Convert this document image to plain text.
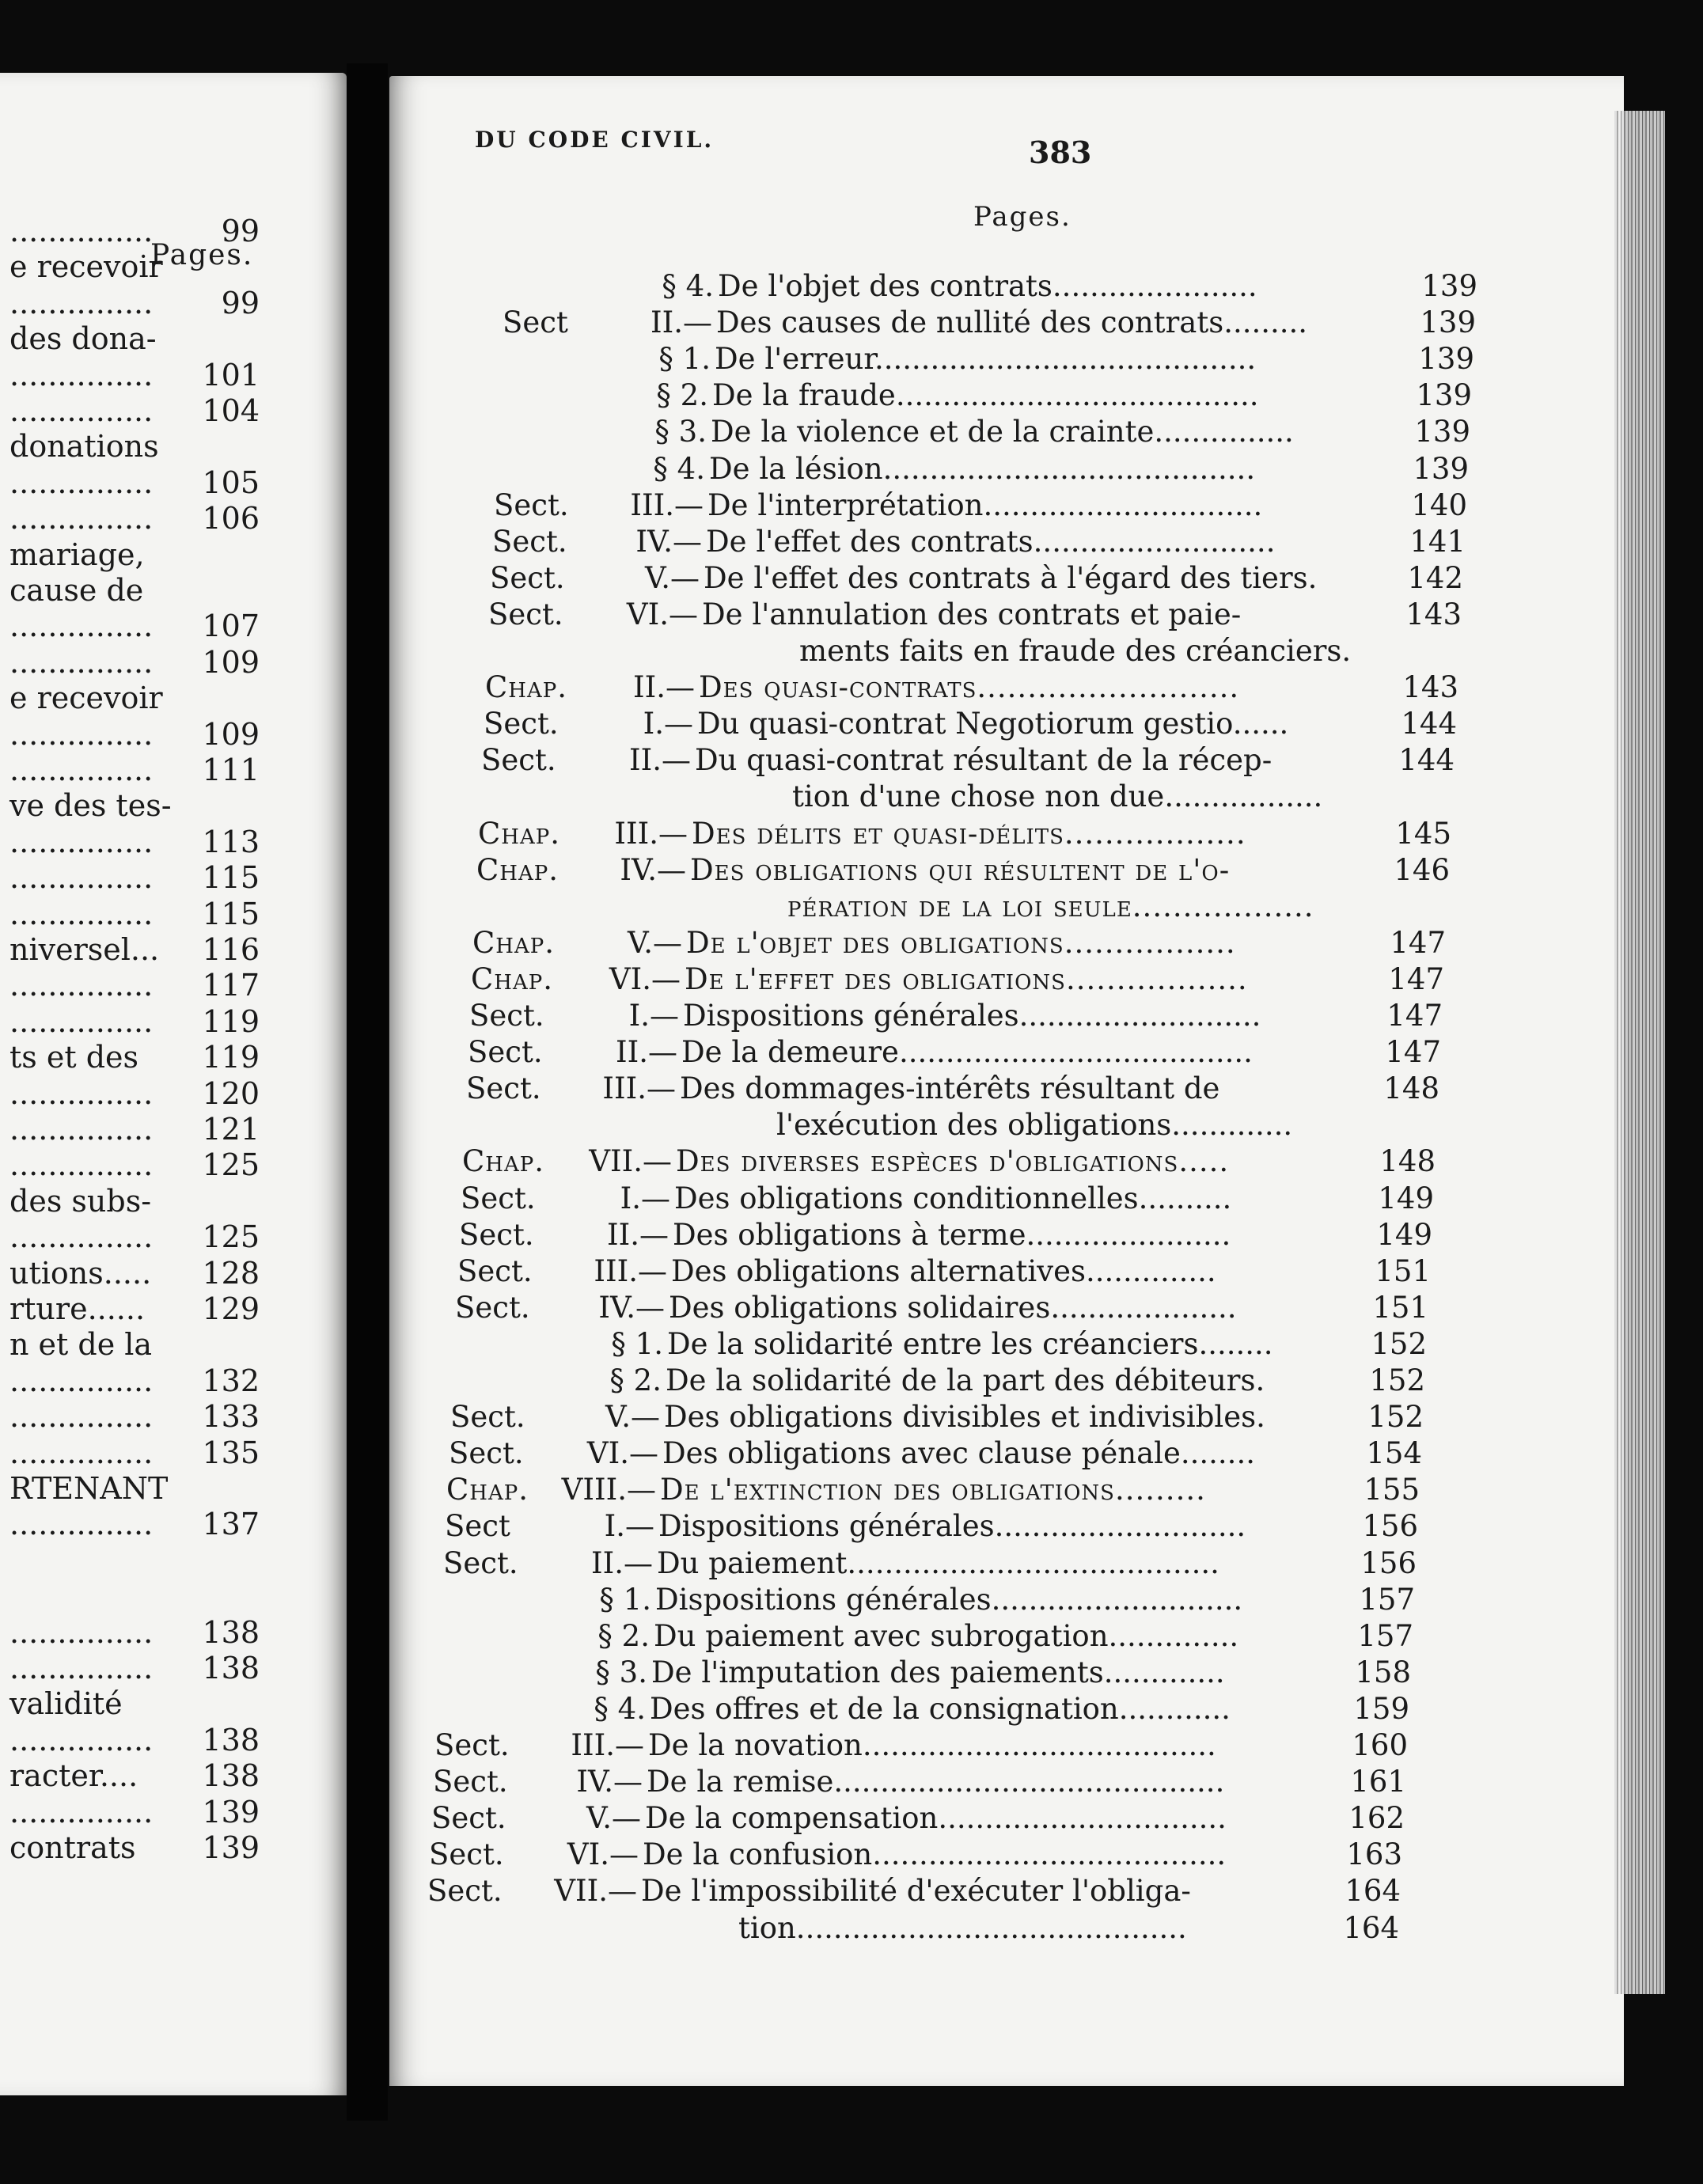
Pages.
...............	99
e recevoir
...............	99
des dona-
............... 101
............... 104
donations
............... 105
............... 106
mariage,
cause de
............... 107
............... 109
e recevoir
............... 109
............... 111
ve des tes-
............... 113
............... 115
............... 115
niversel... 116
............... 117
............... 119
ts et des 119
............... 120
............... 121
............... 125
des subs-
............... 125
utions..... 128
rture...... 129
n et de la
............... 132
............... 133
............... 135
RTENANT
............... 137
............... 138
............... 138
validité
............... 138
racter.... 138
............... 139
contrats 139
§ 4. De l'objet des contrats......................	139
Sect	II.— Des causes de nullité des contrats.........	139
§ 1. De l'erreur.........................................	139
§ 2. De la fraude.......................................	139
§ 3. De la violence et de la crainte...............	139
§ 4. De la lésion........................................	139
Sect.	III.— De l'interprétation..............................	140
Sect.	IV.— De l'effet des contrats..........................	141
Sect.	V.— De l'effet des contrats à l'égard des tiers.	142
Sect.	VI.— De l'annulation des contrats et paie-	143
ments faits en fraude des créanciers.
Chap.	II.— Des quasi-contrats..........................	143
Sect.	I.— Du quasi-contrat Negotiorum gestio......	144
Sect.	II.— Du quasi-contrat résultant de la récep-	144
tion d'une chose non due.................
Chap.	III.— Des délits et quasi-délits..................	145
Chap.	IV.— Des obligations qui résultent de l'o-	146
pération de la loi seule..................
Chap.	V.— De l'objet des obligations.................	147
Chap.	VI.— De l'effet des obligations..................	147
Sect.	I.— Dispositions générales..........................	147
Sect.	II.— De la demeure......................................	147
Sect.	III.— Des dommages-intérêts résultant de	148
l'exécution des obligations.............
Chap.	VII.— Des diverses espèces d'obligations.....	148
Sect.	I.— Des obligations conditionnelles..........	149
Sect.	II.— Des obligations à terme......................	149
Sect.	III.— Des obligations alternatives..............	151
Sect.	IV.— Des obligations solidaires....................	151
§ 1. De la solidarité entre les créanciers........	152
§ 2. De la solidarité de la part des débiteurs.	152
Sect.	V.— Des obligations divisibles et indivisibles.	152
Sect.	VI.— Des obligations avec clause pénale........	154
Chap.	VIII.— De l'extinction des obligations.........	155
Sect	I.— Dispositions générales...........................	156
Sect.	II.— Du paiement........................................	156
§ 1. Dispositions générales...........................	157
§ 2. Du paiement avec subrogation..............	157
§ 3. De l'imputation des paiements.............	158
§ 4. Des offres et de la consignation............	159
Sect.	III.— De la novation......................................	160
Sect.	IV.— De la remise..........................................	161
Sect.	V.— De la compensation...............................	162
Sect.	VI.— De la confusion......................................	163
Sect.	VII.— De l'impossibilité d'exécuter l'obliga-	164
tion..........................................	164
DU CODE CIVIL.	383
Pages.
